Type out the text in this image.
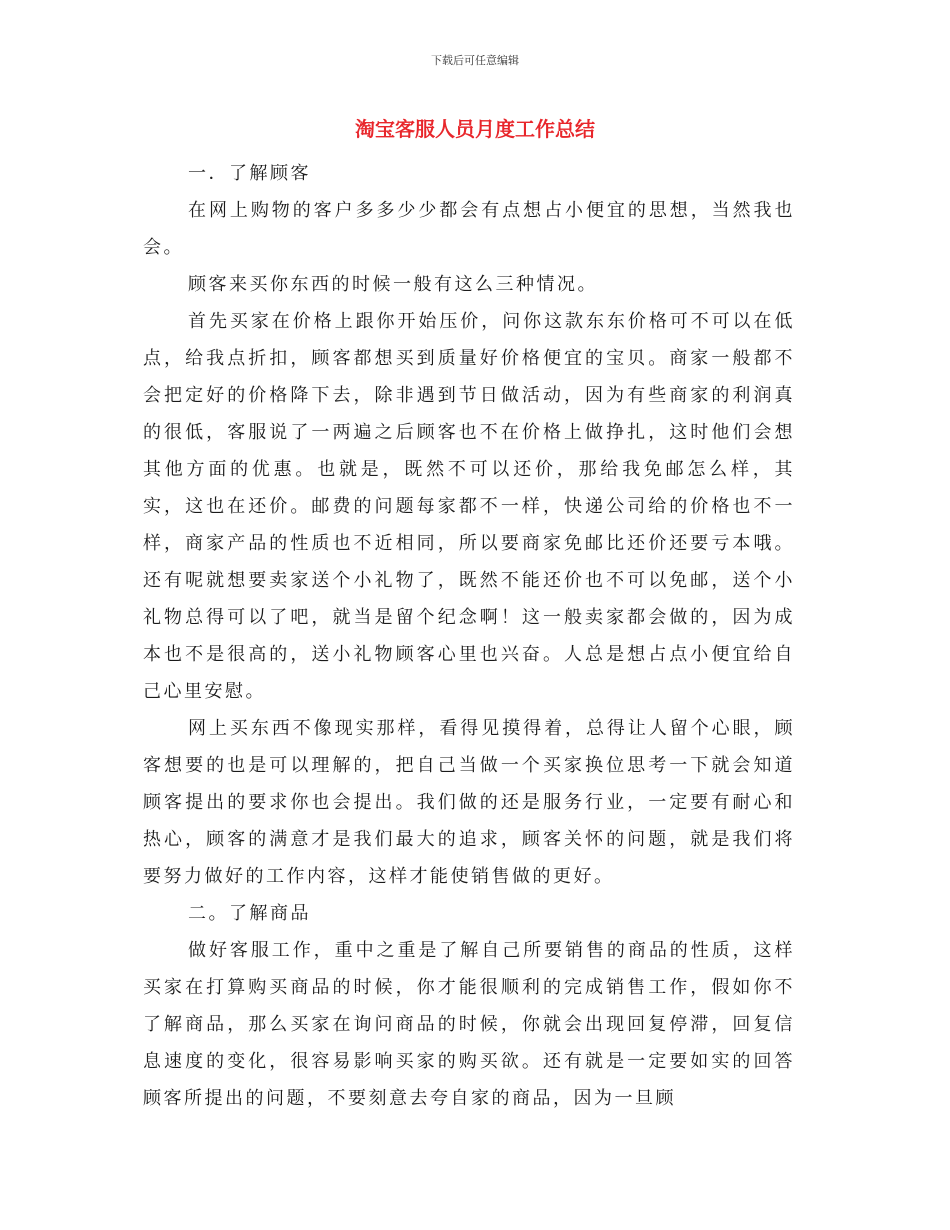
下载后可任意编辑
淘宝客服人员月度工作总结

一．了解顾客

在网上购物的客户多多少少都会有点想占小便宜的思想，当然我也会。

顾客来买你东西的时候一般有这么三种情况。

首先买家在价格上跟你开始压价，问你这款东东价格可不可以在低点，给我点折扣，顾客都想买到质量好价格便宜的宝贝。商家一般都不会把定好的价格降下去，除非遇到节日做活动，因为有些商家的利润真的很低，客服说了一两遍之后顾客也不在价格上做挣扎，这时他们会想其他方面的优惠。也就是，既然不可以还价，那给我免邮怎么样，其实，这也在还价。邮费的问题每家都不一样，快递公司给的价格也不一样，商家产品的性质也不近相同，所以要商家免邮比还价还要亏本哦。还有呢就想要卖家送个小礼物了，既然不能还价也不可以免邮，送个小礼物总得可以了吧，就当是留个纪念啊！这一般卖家都会做的，因为成本也不是很高的，送小礼物顾客心里也兴奋。人总是想占点小便宜给自己心里安慰。

网上买东西不像现实那样，看得见摸得着，总得让人留个心眼，顾客想要的也是可以理解的，把自己当做一个买家换位思考一下就会知道顾客提出的要求你也会提出。我们做的还是服务行业，一定要有耐心和热心，顾客的满意才是我们最大的追求，顾客关怀的问题，就是我们将要努力做好的工作内容，这样才能使销售做的更好。

二。了解商品

做好客服工作，重中之重是了解自己所要销售的商品的性质，这样买家在打算购买商品的时候，你才能很顺利的完成销售工作，假如你不了解商品，那么买家在询问商品的时候，你就会出现回复停滞，回复信息速度的变化，很容易影响买家的购买欲。还有就是一定要如实的回答顾客所提出的问题，不要刻意去夸自家的商品，因为一旦顾
